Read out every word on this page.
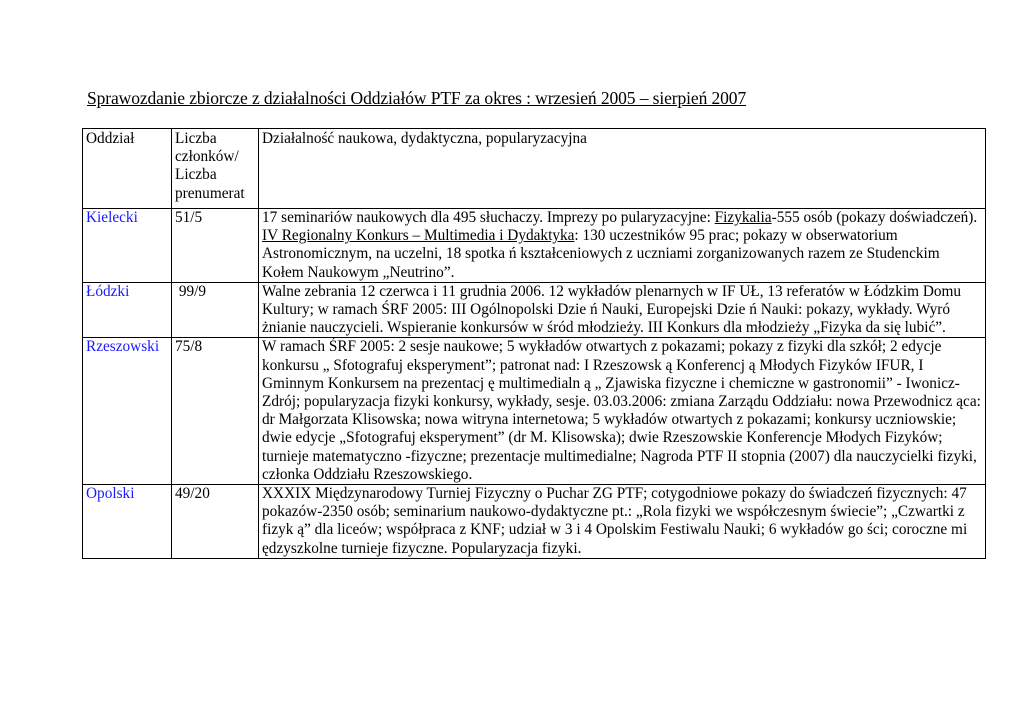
Sprawozdanie zbiorcze z działalności Oddziałów PTF za okres : wrzesień 2005 – sierpień 2007
Oddział	Liczba członków/ Liczba prenumerat	Działalność naukowa, dydaktyczna, popularyzacyjna
Kielecki	51/5	17 seminariów naukowych dla 495 słuchaczy. Imprezy po pularyzacyjne: Fizykalia-555 osób (pokazy doświadczeń). IV Regionalny Konkurs – Multimedia i Dydaktyka: 130 uczestników 95 prac; pokazy w obserwatorium Astronomicznym, na uczelni, 18 spotka ń kształceniowych z uczniami zorganizowanych razem ze Studenckim Kołem Naukowym „Neutrino”.
Łódzki	99/9	Walne zebrania 12 czerwca i 11 grudnia 2006. 12 wykładów plenarnych w IF UŁ, 13 referatów w Łódzkim Domu Kultury; w ramach ŚRF 2005: III Ogólnopolski Dzie ń Nauki, Europejski Dzie ń Nauki: pokazy, wykłady. Wyró żnianie nauczycieli. Wspieranie konkursów w śród młodzieży. III Konkurs dla młodzieży „Fizyka da się lubić”.
Rzeszowski	75/8	W ramach ŚRF 2005: 2 sesje naukowe; 5 wykładów otwartych z pokazami; pokazy z fizyki dla szkół; 2 edycje konkursu „ Sfotografuj eksperyment”; patronat nad: I Rzeszowsk ą Konferencj ą Młodych Fizyków IFUR, I Gminnym Konkursem na prezentacj ę multimedialn ą „ Zjawiska fizyczne i chemiczne w gastronomii” - Iwonicz-Zdrój; popularyzacja fizyki konkursy, wykłady, sesje. 03.03.2006: zmiana Zarządu Oddziału: nowa Przewodnicz ąca: dr Małgorzata Klisowska; nowa witryna internetowa; 5 wykładów otwartych z pokazami; konkursy uczniowskie; dwie edycje „Sfotografuj eksperyment” (dr M. Klisowska); dwie Rzeszowskie Konferencje Młodych Fizyków; turnieje matematyczno -fizyczne; prezentacje multimedialne; Nagroda PTF II stopnia (2007) dla nauczycielki fizyki, członka Oddziału Rzeszowskiego.
Opolski	49/20	XXXIX Międzynarodowy Turniej Fizyczny o Puchar ZG PTF; cotygodniowe pokazy do świadczeń fizycznych: 47 pokazów-2350 osób; seminarium naukowo-dydaktyczne pt.: „Rola fizyki we współczesnym świecie”; „Czwartki z fizyk ą” dla liceów; współpraca z KNF; udział w 3 i 4 Opolskim Festiwalu Nauki; 6 wykładów go ści; coroczne mi ędzyszkolne turnieje fizyczne. Popularyzacja fizyki.
